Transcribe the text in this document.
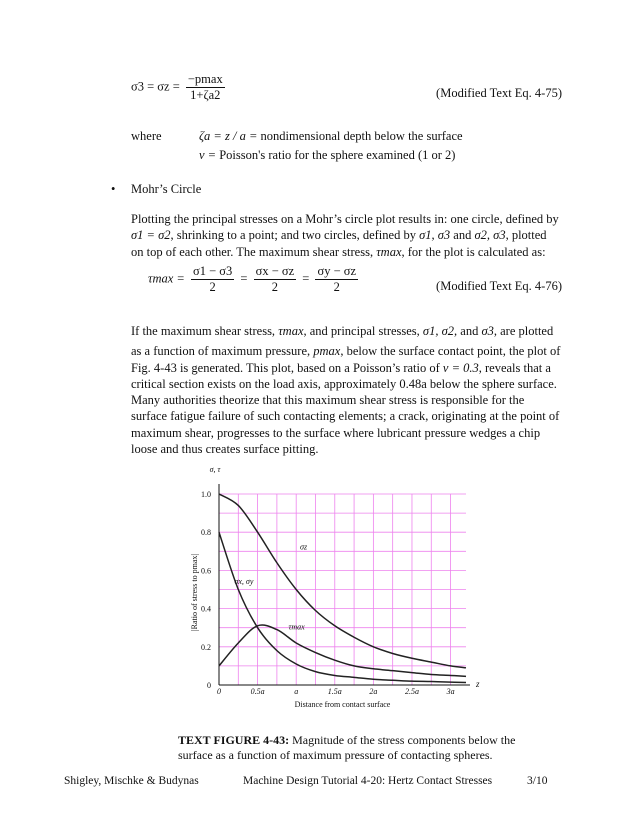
$\sigma 3 = \sigma z = \frac{-pmax}{1+\zeta a2}$	(Modified Text Eq. 4-75)
where	ζa = z / a = nondimensional depth below the surface
ν = Poisson's ratio for the sphere examined (1 or 2)
• Mohr’s Circle

Plotting the principal stresses on a Mohr’s circle plot results in: one circle, defined by

σ1 = σ2, shrinking to a point; and two circles, defined by σ1, σ3 and σ2, σ3, plotted

on top of each other. The maximum shear stress, τmax, for the plot is calculated as:

$\tau\max = \frac{\sigma 1 - \sigma 3}{2} = \frac{\sigma x - \sigma z}{2} = \frac{\sigma y - \sigma z}{2}$	(Modified Text Eq. 4-76)

If the maximum shear stress, τmax, and principal stresses, σ1, σ2, and σ3, are plotted

as a function of maximum pressure, pmax, below the surface contact point, the plot of

Fig. 4-43 is generated. This plot, based on a Poisson’s ratio of ν = 0.3, reveals that a

critical section exists on the load axis, approximately 0.48a below the sphere surface.

Many authorities theorize that this maximum shear stress is responsible for the

surface fatigue failure of such contacting elements; a crack, originating at the point of

maximum shear, progresses to the surface where lubricant pressure wedges a chip

loose and thus creates surface pitting.

0
0.2
0.4
0.6
0.8
1.0
0	0.5a	a	1.5a	2a	2.5a	3a
z
Distance from contact surface
σ, τ
|Ratio of stress to pmax|
σz
σx, σy
τmax
TEXT FIGURE 4-43: Magnitude of the stress components below the surface as a function of maximum pressure of contacting spheres.
Shigley, Mischke & Budynas	Machine Design Tutorial 4-20: Hertz Contact Stresses	3/10
